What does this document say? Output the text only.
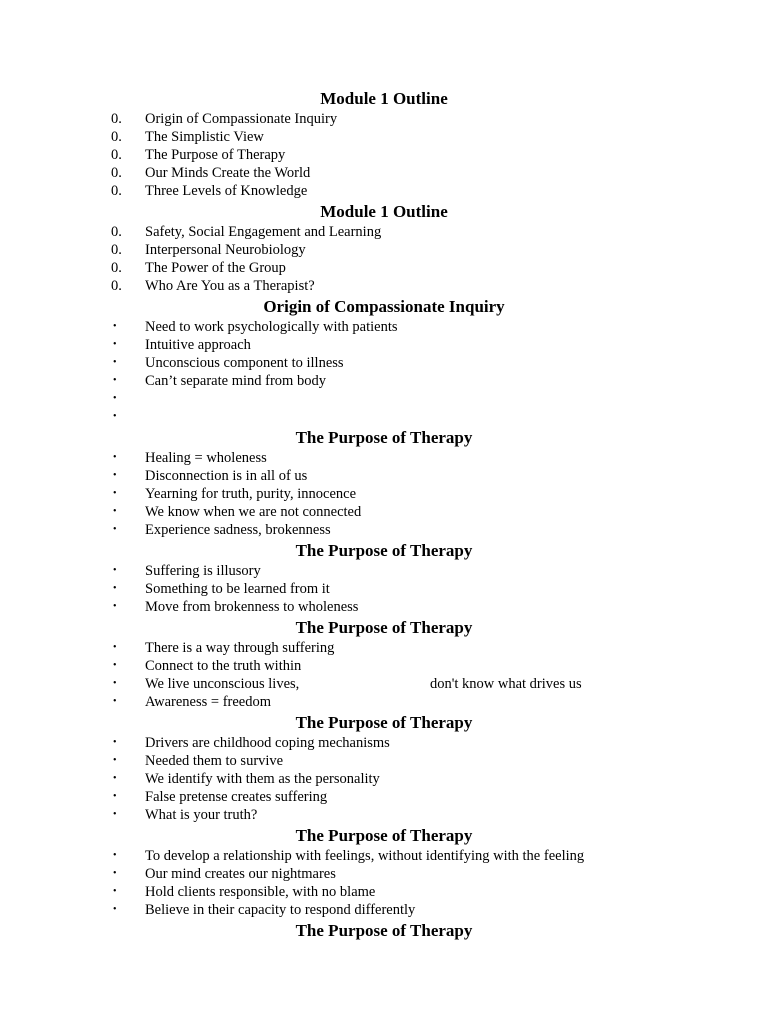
Module 1 Outline
0. Origin of Compassionate Inquiry
0. The Simplistic View
0. The Purpose of Therapy
0. Our Minds Create the World
0. Three Levels of Knowledge
Module 1 Outline
0. Safety, Social Engagement and Learning
0. Interpersonal Neurobiology
0. The Power of the Group
0. Who Are You as a Therapist?
Origin of Compassionate Inquiry
• Need to work psychologically with patients
• Intuitive approach
• Unconscious component to illness
• Can’t separate mind from body
•
•
The Purpose of Therapy
• Healing = wholeness
• Disconnection is in all of us
• Yearning for truth, purity, innocence
• We know when we are not connected
• Experience sadness, brokenness
The Purpose of Therapy
• Suffering is illusory
• Something to be learned from it
• Move from brokenness to wholeness
The Purpose of Therapy
• There is a way through suffering
• Connect to the truth within
• We live unconscious lives,	don't know what drives us
• Awareness = freedom
The Purpose of Therapy
• Drivers are childhood coping mechanisms
• Needed them to survive
• We identify with them as the personality
• False pretense creates suffering
• What is your truth?
The Purpose of Therapy
• To develop a relationship with feelings, without identifying with the feeling
• Our mind creates our nightmares
• Hold clients responsible, with no blame
• Believe in their capacity to respond differently
The Purpose of Therapy
